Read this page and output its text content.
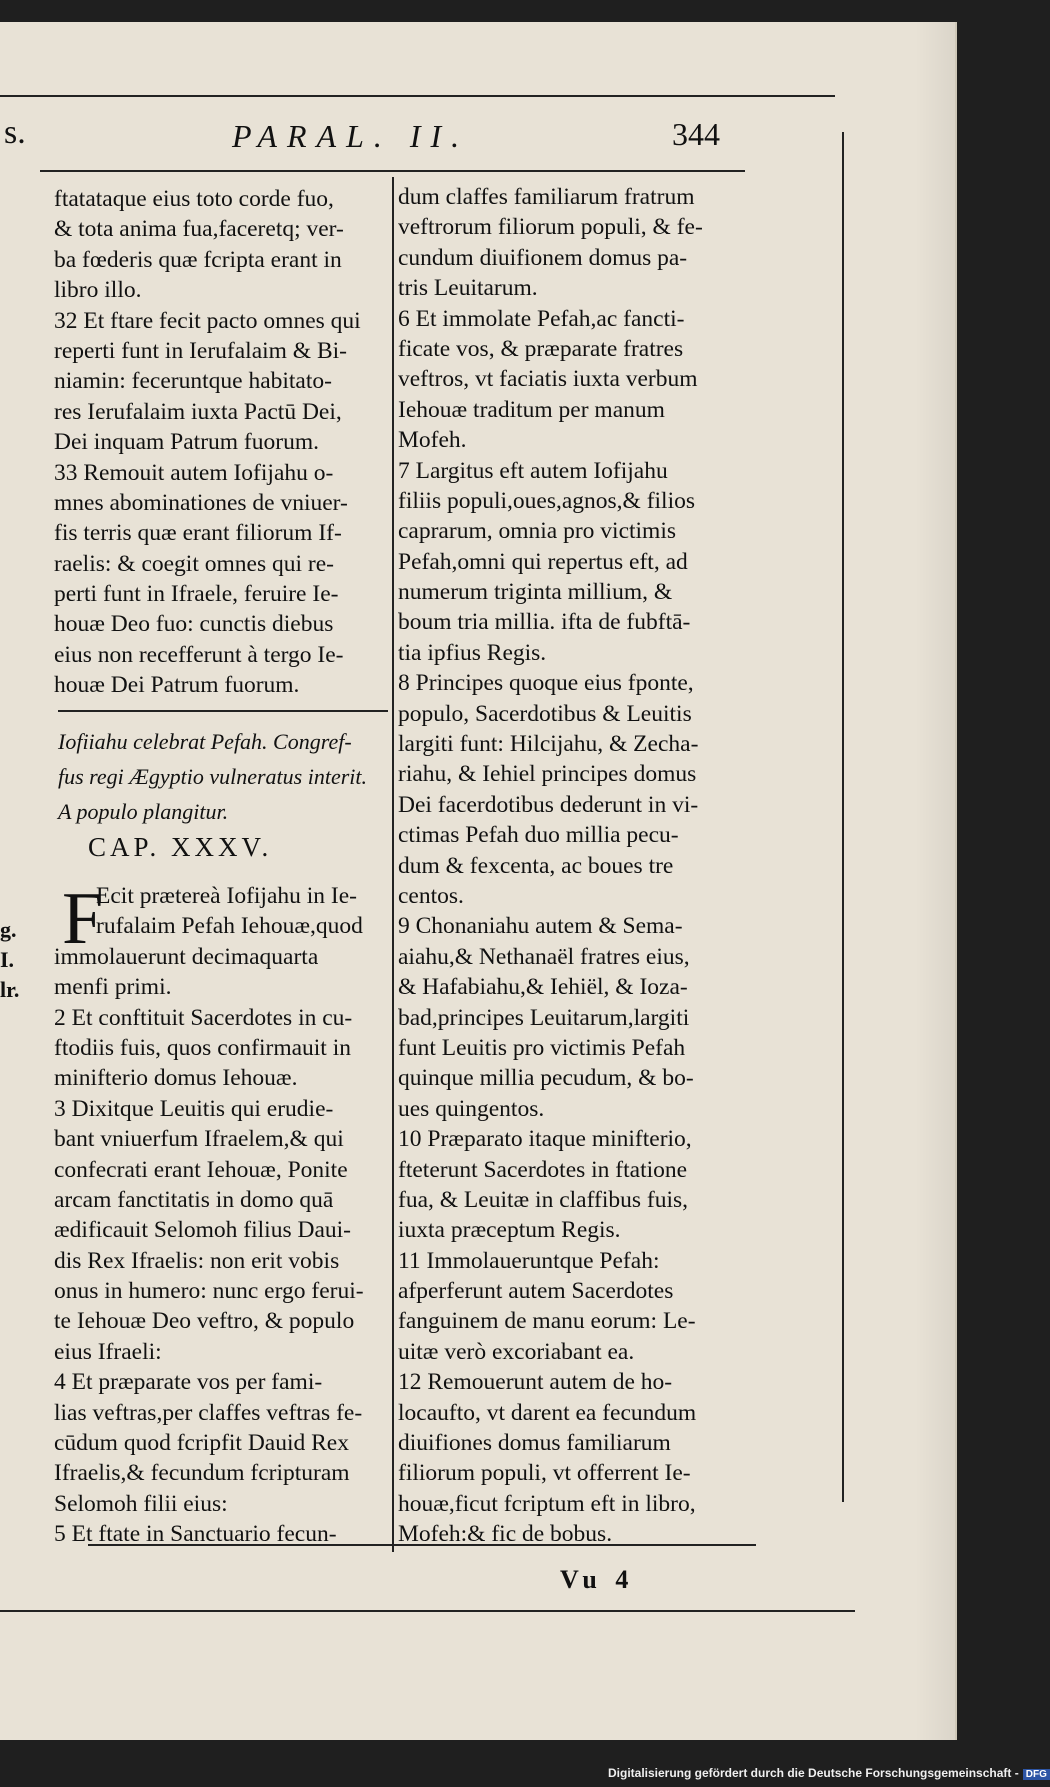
s.	PARAL. II.	344
g.
I.
lr.
ftatataque eius toto corde fuo,
& tota anima fua,faceretq; ver-
ba fœderis quæ fcripta erant in
libro illo.
32 Et ftare fecit pacto omnes qui
reperti funt in Ierufalaim & Bi-
niamin: feceruntque habitato-
res Ierufalaim iuxta Pactū Dei,
Dei inquam Patrum fuorum.
33 Remouit autem Iofijahu o-
mnes abominationes de vniuer-
fis terris quæ erant filiorum If-
raelis: & coegit omnes qui re-
perti funt in Ifraele, feruire Ie-
houæ Deo fuo: cunctis diebus
eius non recefferunt à tergo Ie-
houæ Dei Patrum fuorum.
Iofiiahu celebrat Pefah. Congref-
fus regi Ægyptio vulneratus interit.
A populo plangitur.
CAP. XXXV.
F
Ecit prætereà Iofijahu in Ie-
rufalaim Pefah Iehouæ,quod
immolauerunt decimaquarta
menfi primi.
2 Et conftituit Sacerdotes in cu-
ftodiis fuis, quos confirmauit in
minifterio domus Iehouæ.
3 Dixitque Leuitis qui erudie-
bant vniuerfum Ifraelem,& qui
confecrati erant Iehouæ, Ponite
arcam fanctitatis in domo quā
ædificauit Selomoh filius Daui-
dis Rex Ifraelis: non erit vobis
onus in humero: nunc ergo ferui-
te Iehouæ Deo veftro, & populo
eius Ifraeli:
4 Et præparate vos per fami-
lias veftras,per claffes veftras fe-
cūdum quod fcripfit Dauid Rex
Ifraelis,& fecundum fcripturam
Selomoh filii eius:
5 Et ftate in Sanctuario fecun-
dum claffes familiarum fratrum
veftrorum filiorum populi, & fe-
cundum diuifionem domus pa-
tris Leuitarum.
6 Et immolate Pefah,ac fancti-
ficate vos, & præparate fratres
veftros, vt faciatis iuxta verbum
Iehouæ traditum per manum
Mofeh.
7 Largitus eft autem Iofijahu
filiis populi,oues,agnos,& filios
caprarum, omnia pro victimis
Pefah,omni qui repertus eft, ad
numerum triginta millium, &
boum tria millia. ifta de fubftā-
tia ipfius Regis.
8 Principes quoque eius fponte,
populo, Sacerdotibus & Leuitis
largiti funt: Hilcijahu, & Zecha-
riahu, & Iehiel principes domus
Dei facerdotibus dederunt in vi-
ctimas Pefah duo millia pecu-
dum & fexcenta, ac boues tre
centos.
9 Chonaniahu autem & Sema-
aiahu,& Nethanaël fratres eius,
& Hafabiahu,& Iehiël, & Ioza-
bad,principes Leuitarum,largiti
funt Leuitis pro victimis Pefah
quinque millia pecudum, & bo-
ues quingentos.
10 Præparato itaque minifterio,
fteterunt Sacerdotes in ftatione
fua, & Leuitæ in claffibus fuis,
iuxta præceptum Regis.
11 Immolaueruntque Pefah:
afperferunt autem Sacerdotes
fanguinem de manu eorum: Le-
uitæ verò excoriabant ea.
12 Remouerunt autem de ho-
locaufto, vt darent ea fecundum
diuifiones domus familiarum
filiorum populi, vt offerrent Ie-
houæ,ficut fcriptum eft in libro,
Mofeh:& fic de bobus.
Vu 4
Digitalisierung gefördert durch die Deutsche Forschungsgemeinschaft - DFG
